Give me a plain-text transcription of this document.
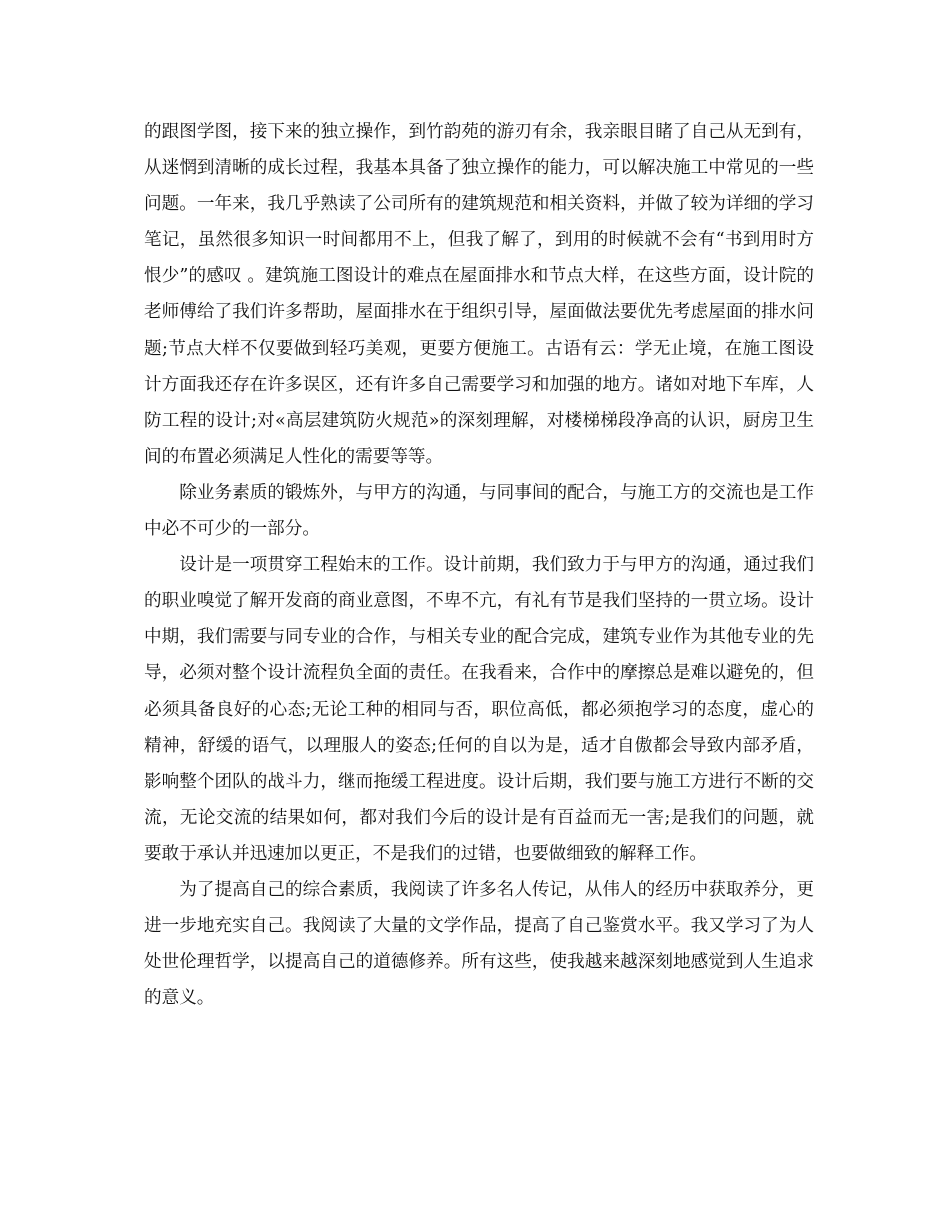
的跟图学图，接下来的独立操作，到竹韵苑的游刃有余，我亲眼目睹了自己从无到有，从迷惘到清晰的成长过程，我基本具备了独立操作的能力，可以解决施工中常见的一些问题。一年来，我几乎熟读了公司所有的建筑规范和相关资料，并做了较为详细的学习笔记，虽然很多知识一时间都用不上，但我了解了，到用的时候就不会有“书到用时方恨少”的感叹 。建筑施工图设计的难点在屋面排水和节点大样，在这些方面，设计院的老师傅给了我们许多帮助，屋面排水在于组织引导，屋面做法要优先考虑屋面的排水问题;节点大样不仅要做到轻巧美观，更要方便施工。古语有云：学无止境，在施工图设计方面我还存在许多误区，还有许多自己需要学习和加强的地方。诸如对地下车库，人防工程的设计;对«高层建筑防火规范»的深刻理解，对楼梯梯段净高的认识，厨房卫生间的布置必须满足人性化的需要等等。

除业务素质的锻炼外，与甲方的沟通，与同事间的配合，与施工方的交流也是工作中必不可少的一部分。

设计是一项贯穿工程始末的工作。设计前期，我们致力于与甲方的沟通，通过我们的职业嗅觉了解开发商的商业意图，不卑不亢，有礼有节是我们坚持的一贯立场。设计中期，我们需要与同专业的合作，与相关专业的配合完成，建筑专业作为其他专业的先导，必须对整个设计流程负全面的责任。在我看来，合作中的摩擦总是难以避免的，但必须具备良好的心态;无论工种的相同与否，职位高低，都必须抱学习的态度，虚心的精神，舒缓的语气，以理服人的姿态;任何的自以为是，适才自傲都会导致内部矛盾，影响整个团队的战斗力，继而拖缓工程进度。设计后期，我们要与施工方进行不断的交流，无论交流的结果如何，都对我们今后的设计是有百益而无一害;是我们的问题，就要敢于承认并迅速加以更正，不是我们的过错，也要做细致的解释工作。

为了提高自己的综合素质，我阅读了许多名人传记，从伟人的经历中获取养分，更进一步地充实自己。我阅读了大量的文学作品，提高了自己鉴赏水平。我又学习了为人处世伦理哲学，以提高自己的道德修养。所有这些，使我越来越深刻地感觉到人生追求的意义。
